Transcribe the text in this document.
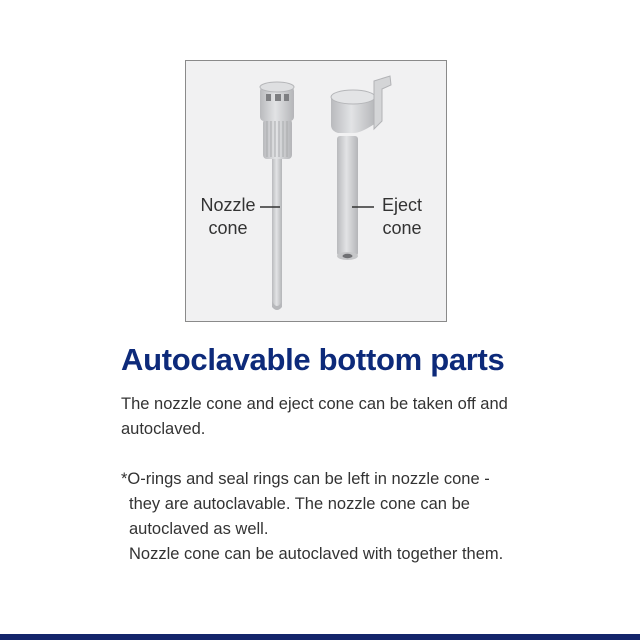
Nozzle
cone
Eject
cone
Autoclavable bottom parts

The nozzle cone and eject cone can be taken off and
autoclaved.

*O-rings and seal rings can be left in nozzle cone -
they are autoclavable. The nozzle cone can be
autoclaved as well.
Nozzle cone can be autoclaved with together them.
